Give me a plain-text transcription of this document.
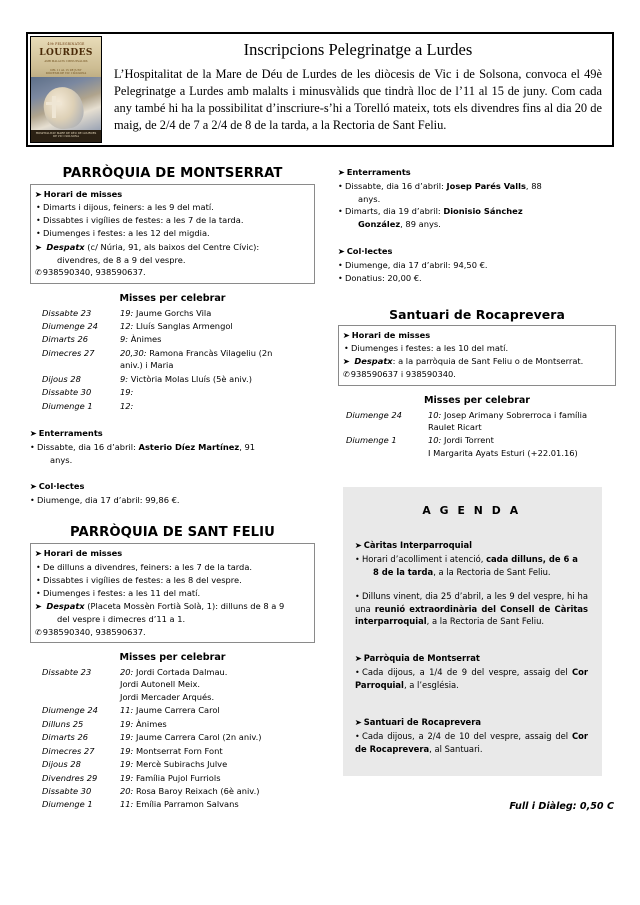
49è PELEGRINATGE
LOURDES
AMB MALALTS I MINUSVÀLIDS
DEL 11 AL 15 DE JUNY
DIÒCESIS DE VIC I SOLSONA
HOSPITALITAT MARE DE DÉU DE LOURDES
DE VIC I SOLSONA
Inscripcions Pelegrinatge a Lurdes
L’Hospitalitat de la Mare de Déu de Lurdes de les diòcesis de Vic i de Solsona, convoca el 49è Pelegrinatge a Lurdes amb malalts i minusvàlids que tindrà lloc de l’11 al 15 de juny. Com cada any també hi ha la possibilitat d’inscriure-s’hi a Torelló mateix, tots els divendres fins al dia 20 de maig, de 2/4 de 7 a 2/4 de 8 de la tarda, a la Rectoria de Sant Feliu.
PARRÒQUIA DE MONTSERRAT
➤ Horari de misses
• Dimarts i dijous, feiners: a les 9 del matí.
• Dissabtes i vigílies de festes: a les 7 de la tarda.
• Diumenges i festes: a les 12 del migdia.
➤ Despatx (c/ Núria, 91, als baixos del Centre Cívic):
divendres, de 8 a 9 del vespre.
✆938590340, 938590637.
Misses per celebrar
Dissabte 23	19: Jaume Gorchs Vila
Diumenge 24	12: Lluís Sanglas Armengol
Dimarts 26	9: Ànimes
Dimecres 27	20,30: Ramona Francàs Vilageliu (2n
aniv.) i Maria
Dijous 28	9: Victòria Molas Lluís (5è aniv.)
Dissabte 30	19:
Diumenge 1	12:
➤ Enterraments
• Dissabte, dia 16 d’abril: Asterio Díez Martínez, 91
anys.
➤ Col·lectes
• Diumenge, dia 17 d’abril: 99,86 €.
PARRÒQUIA DE SANT FELIU
➤ Horari de misses
• De dilluns a divendres, feiners: a les 7 de la tarda.
• Dissabtes i vigílies de festes: a les 8 del vespre.
• Diumenges i festes: a les 11 del matí.
➤ Despatx (Placeta Mossèn Fortià Solà, 1): dilluns de 8 a 9
del vespre i dimecres d’11 a 1.
✆938590340, 938590637.
Misses per celebrar
Dissabte 23	20: Jordi Cortada Dalmau.
Jordi Autonell Meix.
Jordi Mercader Arqués.
Diumenge 24	11: Jaume Carrera Carol
Dilluns 25	19: Ànimes
Dimarts 26	19: Jaume Carrera Carol (2n aniv.)
Dimecres 27	19: Montserrat Forn Font
Dijous 28	19: Mercè Subirachs Julve
Divendres 29	19: Família Pujol Furriols
Dissabte 30	20: Rosa Baroy Reixach (6è aniv.)
Diumenge 1	11: Emília Parramon Salvans
➤ Enterraments
• Dissabte, dia 16 d’abril: Josep Parés Valls, 88
anys.
• Dimarts, dia 19 d’abril: Dionisio Sánchez
González, 89 anys.
➤ Col·lectes
• Diumenge, dia 17 d’abril: 94,50 €.
• Donatius: 20,00 €.
Santuari de Rocaprevera
➤ Horari de misses
• Diumenges i festes: a les 10 del matí.
➤ Despatx: a la parròquia de Sant Feliu o de Montserrat.
✆938590637 i 938590340.
Misses per celebrar
Diumenge 24	10: Josep Arimany Sobrerroca i família
Raulet Ricart
Diumenge 1	10: Jordi Torrent
I Margarita Ayats Esturi (+22.01.16)
A G E N D A
➤ Càritas Interparroquial
• Horari d’acolliment i atenció, cada dilluns, de 6 a
8 de la tarda, a la Rectoria de Sant Feliu.
• Dilluns vinent, dia 25 d’abril, a les 9 del vespre, hi ha una reunió extraordinària del Consell de Càritas interparroquial, a la Rectoria de Sant Feliu.
➤ Parròquia de Montserrat
• Cada dijous, a 1/4 de 9 del vespre, assaig del Cor Parroquial, a l’església.
➤ Santuari de Rocaprevera
• Cada dijous, a 2/4 de 10 del vespre, assaig del Cor de Rocaprevera, al Santuari.
Full i Diàleg: 0,50 C
